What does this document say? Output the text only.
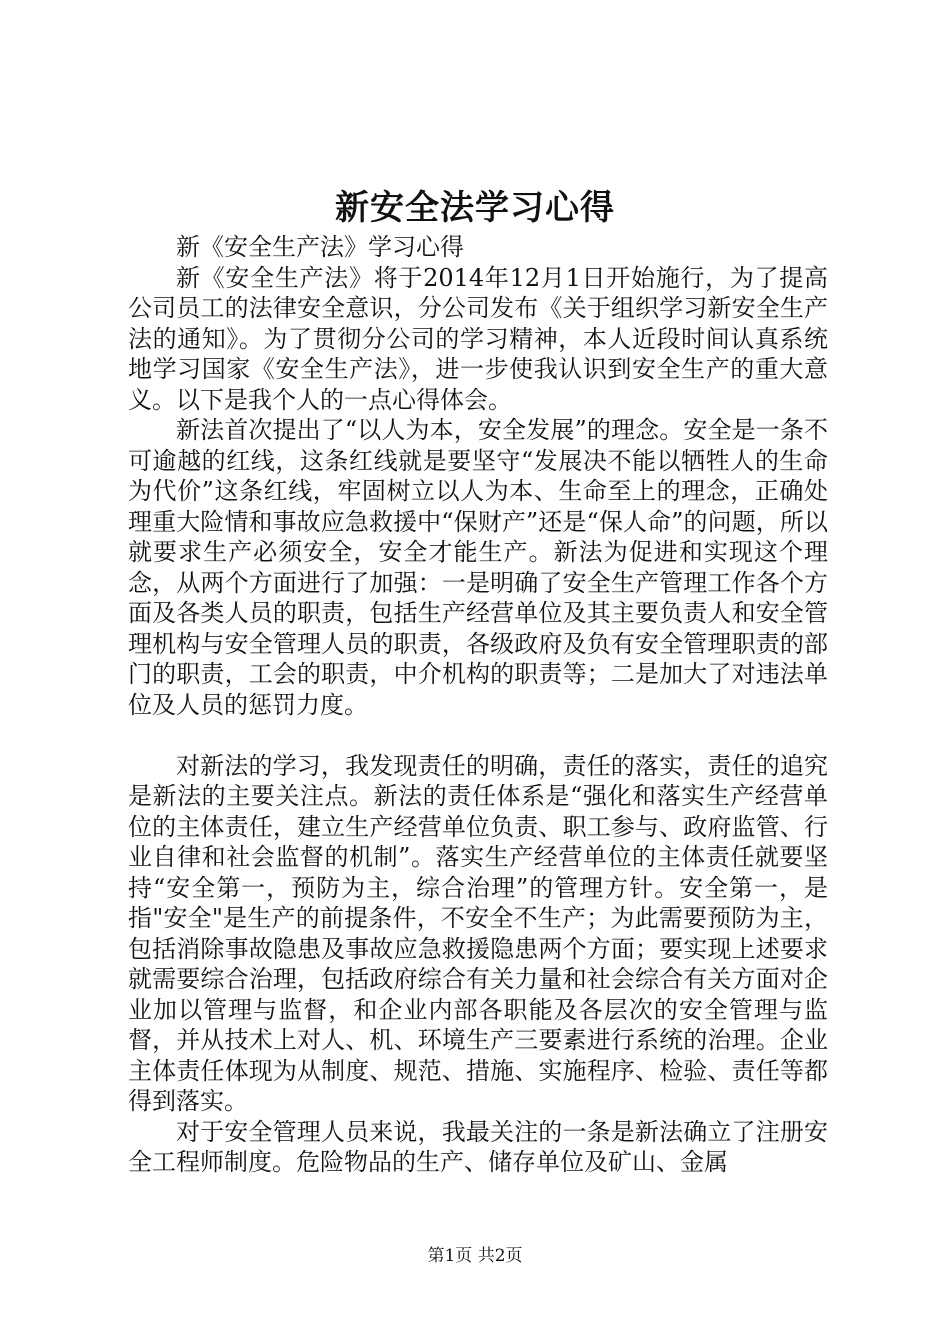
新安全法学习心得

新《安全生产法》学习心得

新《安全生产法》将于2014年12月1日开始施行，为了提高公司员工的法律安全意识，分公司发布《关于组织学习新安全生产法的通知》。为了贯彻分公司的学习精神，本人近段时间认真系统地学习国家《安全生产法》，进一步使我认识到安全生产的重大意义。以下是我个人的一点心得体会。

新法首次提出了“以人为本，安全发展”的理念。安全是一条不可逾越的红线，这条红线就是要坚守“发展决不能以牺牲人的生命为代价”这条红线，牢固树立以人为本、生命至上的理念，正确处理重大险情和事故应急救援中“保财产”还是“保人命”的问题，所以就要求生产必须安全，安全才能生产。新法为促进和实现这个理念，从两个方面进行了加强：一是明确了安全生产管理工作各个方面及各类人员的职责，包括生产经营单位及其主要负责人和安全管理机构与安全管理人员的职责，各级政府及负有安全管理职责的部门的职责，工会的职责，中介机构的职责等；二是加大了对违法单位及人员的惩罚力度。

对新法的学习，我发现责任的明确，责任的落实，责任的追究是新法的主要关注点。新法的责任体系是“强化和落实生产经营单位的主体责任，建立生产经营单位负责、职工参与、政府监管、行业自律和社会监督的机制”。落实生产经营单位的主体责任就要坚持“安全第一，预防为主，综合治理”的管理方针。安全第一，是指"安全"是生产的前提条件，不安全不生产；为此需要预防为主，包括消除事故隐患及事故应急救援隐患两个方面；要实现上述要求就需要综合治理，包括政府综合有关力量和社会综合有关方面对企业加以管理与监督，和企业内部各职能及各层次的安全管理与监督，并从技术上对人、机、环境生产三要素进行系统的治理。企业主体责任体现为从制度、规范、措施、实施程序、检验、责任等都得到落实。

对于安全管理人员来说，我最关注的一条是新法确立了注册安全工程师制度。危险物品的生产、储存单位及矿山、金属

第1页 共2页
